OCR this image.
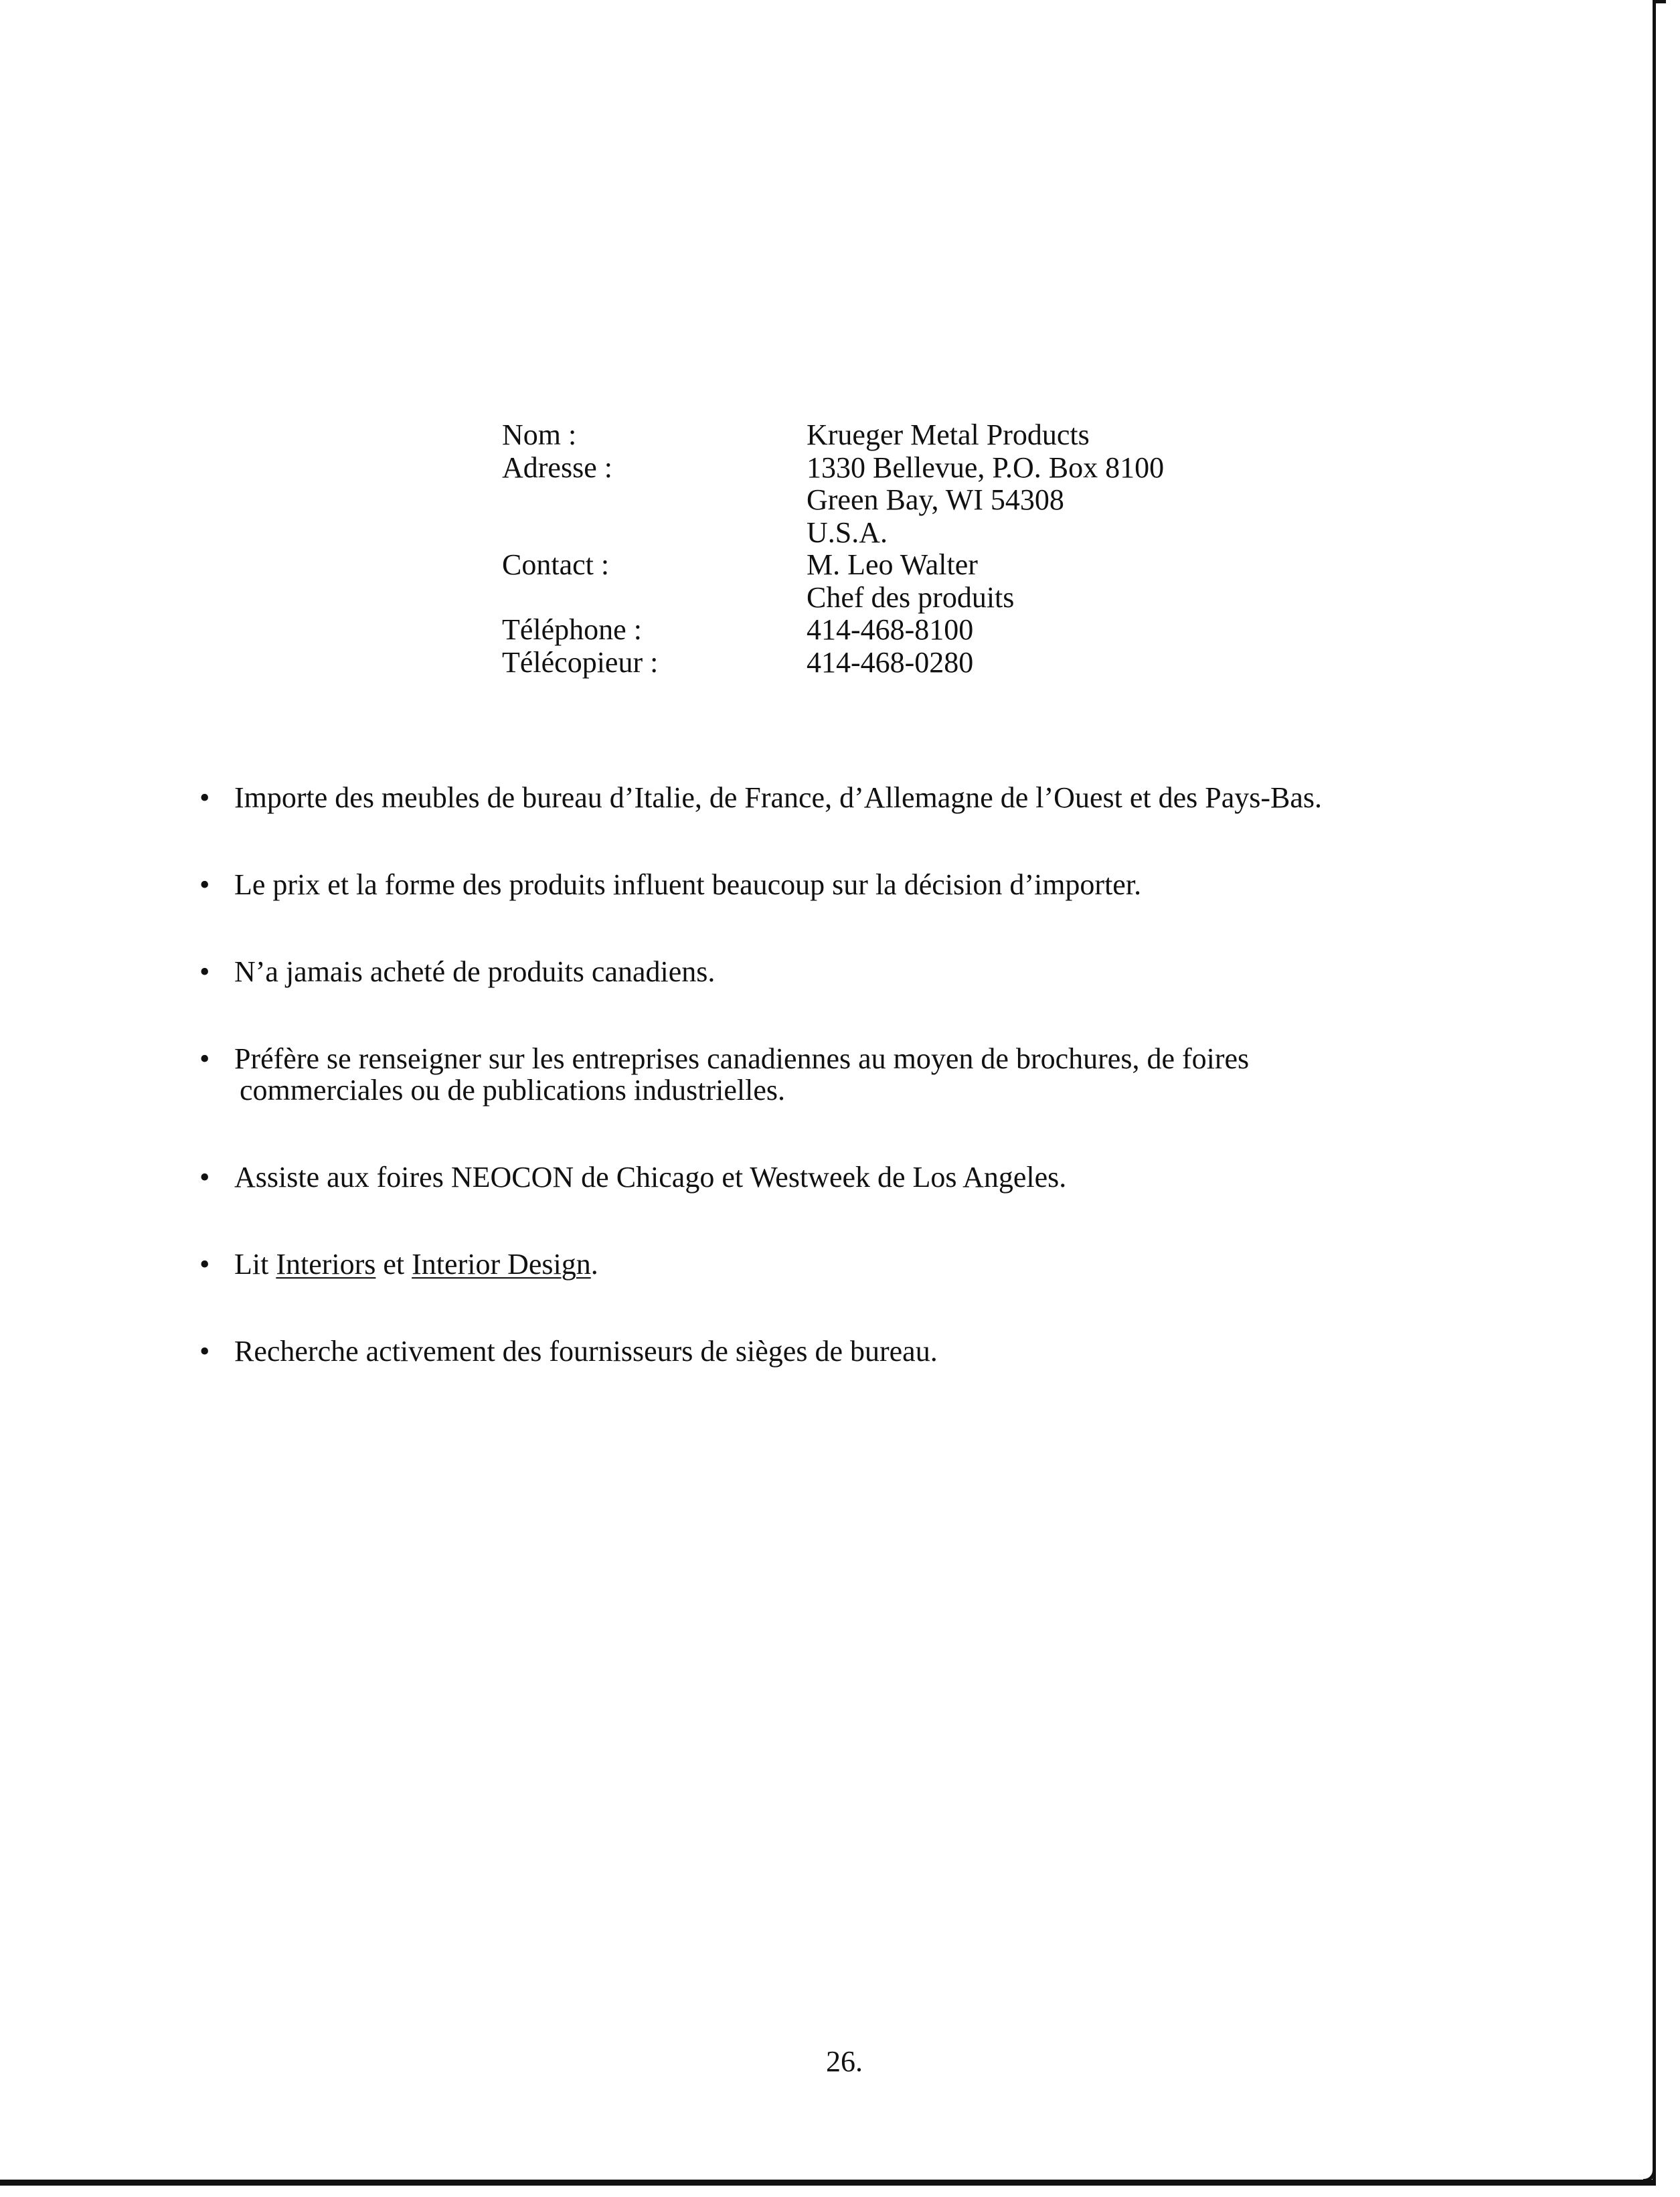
Nom :	Krueger Metal Products
Adresse :	1330 Bellevue, P.O. Box 8100
Green Bay, WI 54308
U.S.A.
Contact :	M. Leo Walter
Chef des produits
Téléphone :	414-468-8100
Télécopieur :	414-468-0280
• Importe des meubles de bureau d’Italie, de France, d’Allemagne de l’Ouest et des Pays-Bas.
• Le prix et la forme des produits influent beaucoup sur la décision d’importer.
• N’a jamais acheté de produits canadiens.
• Préfère se renseigner sur les entreprises canadiennes au moyen de brochures, de foires
commerciales ou de publications industrielles.
• Assiste aux foires NEOCON de Chicago et Westweek de Los Angeles.
• Lit Interiors et Interior Design.
• Recherche activement des fournisseurs de sièges de bureau.
26.
